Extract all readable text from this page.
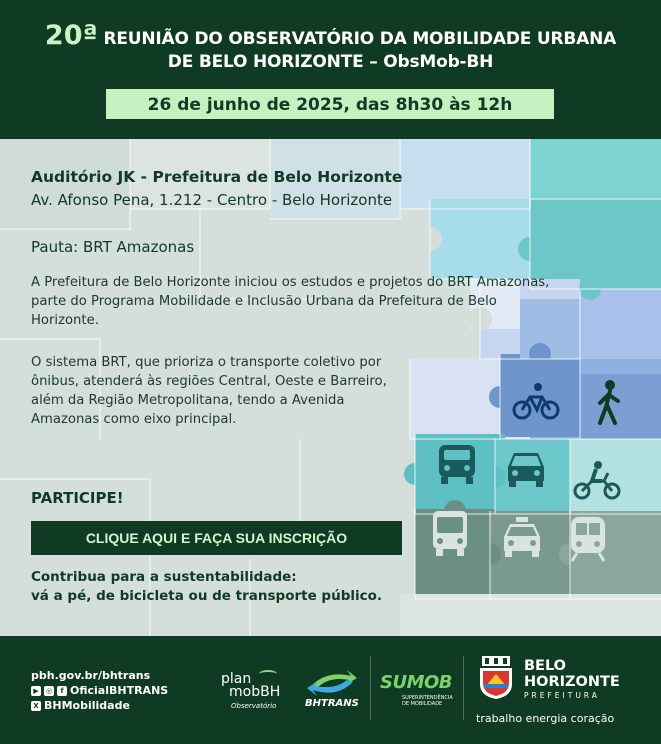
20ª REUNIÃO DO OBSERVATÓRIO DA MOBILIDADE URBANA
DE BELO HORIZONTE – ObsMob-BH
26 de junho de 2025, das 8h30 às 12h
Auditório JK - Prefeitura de Belo Horizonte
Av. Afonso Pena, 1.212 - Centro - Belo Horizonte
Pauta: BRT Amazonas
A Prefeitura de Belo Horizonte iniciou os estudos e projetos do BRT Amazonas, parte do Programa Mobilidade e Inclusão Urbana da Prefeitura de Belo Horizonte.
O sistema BRT, que prioriza o transporte coletivo por ônibus, atenderá às regiões Central, Oeste e Barreiro, além da Região Metropolitana, tendo a Avenida Amazonas como eixo principal.
PARTICIPE!
CLIQUE AQUI E FAÇA SUA INSCRIÇÃO
Contribua para a sustentabilidade:
vá a pé, de bicicleta ou de transporte público.
pbh.gov.br/bhtrans
▶	◎	f OficialBHTRANS
X BHMobilidade
plan
mobBH
Observatório	BHTRANS
SUMOB
SUPERINTENDÊNCIA
DE MOBILIDADE
BELO
HORIZONTE
PREFEITURA
trabalho energia coração
